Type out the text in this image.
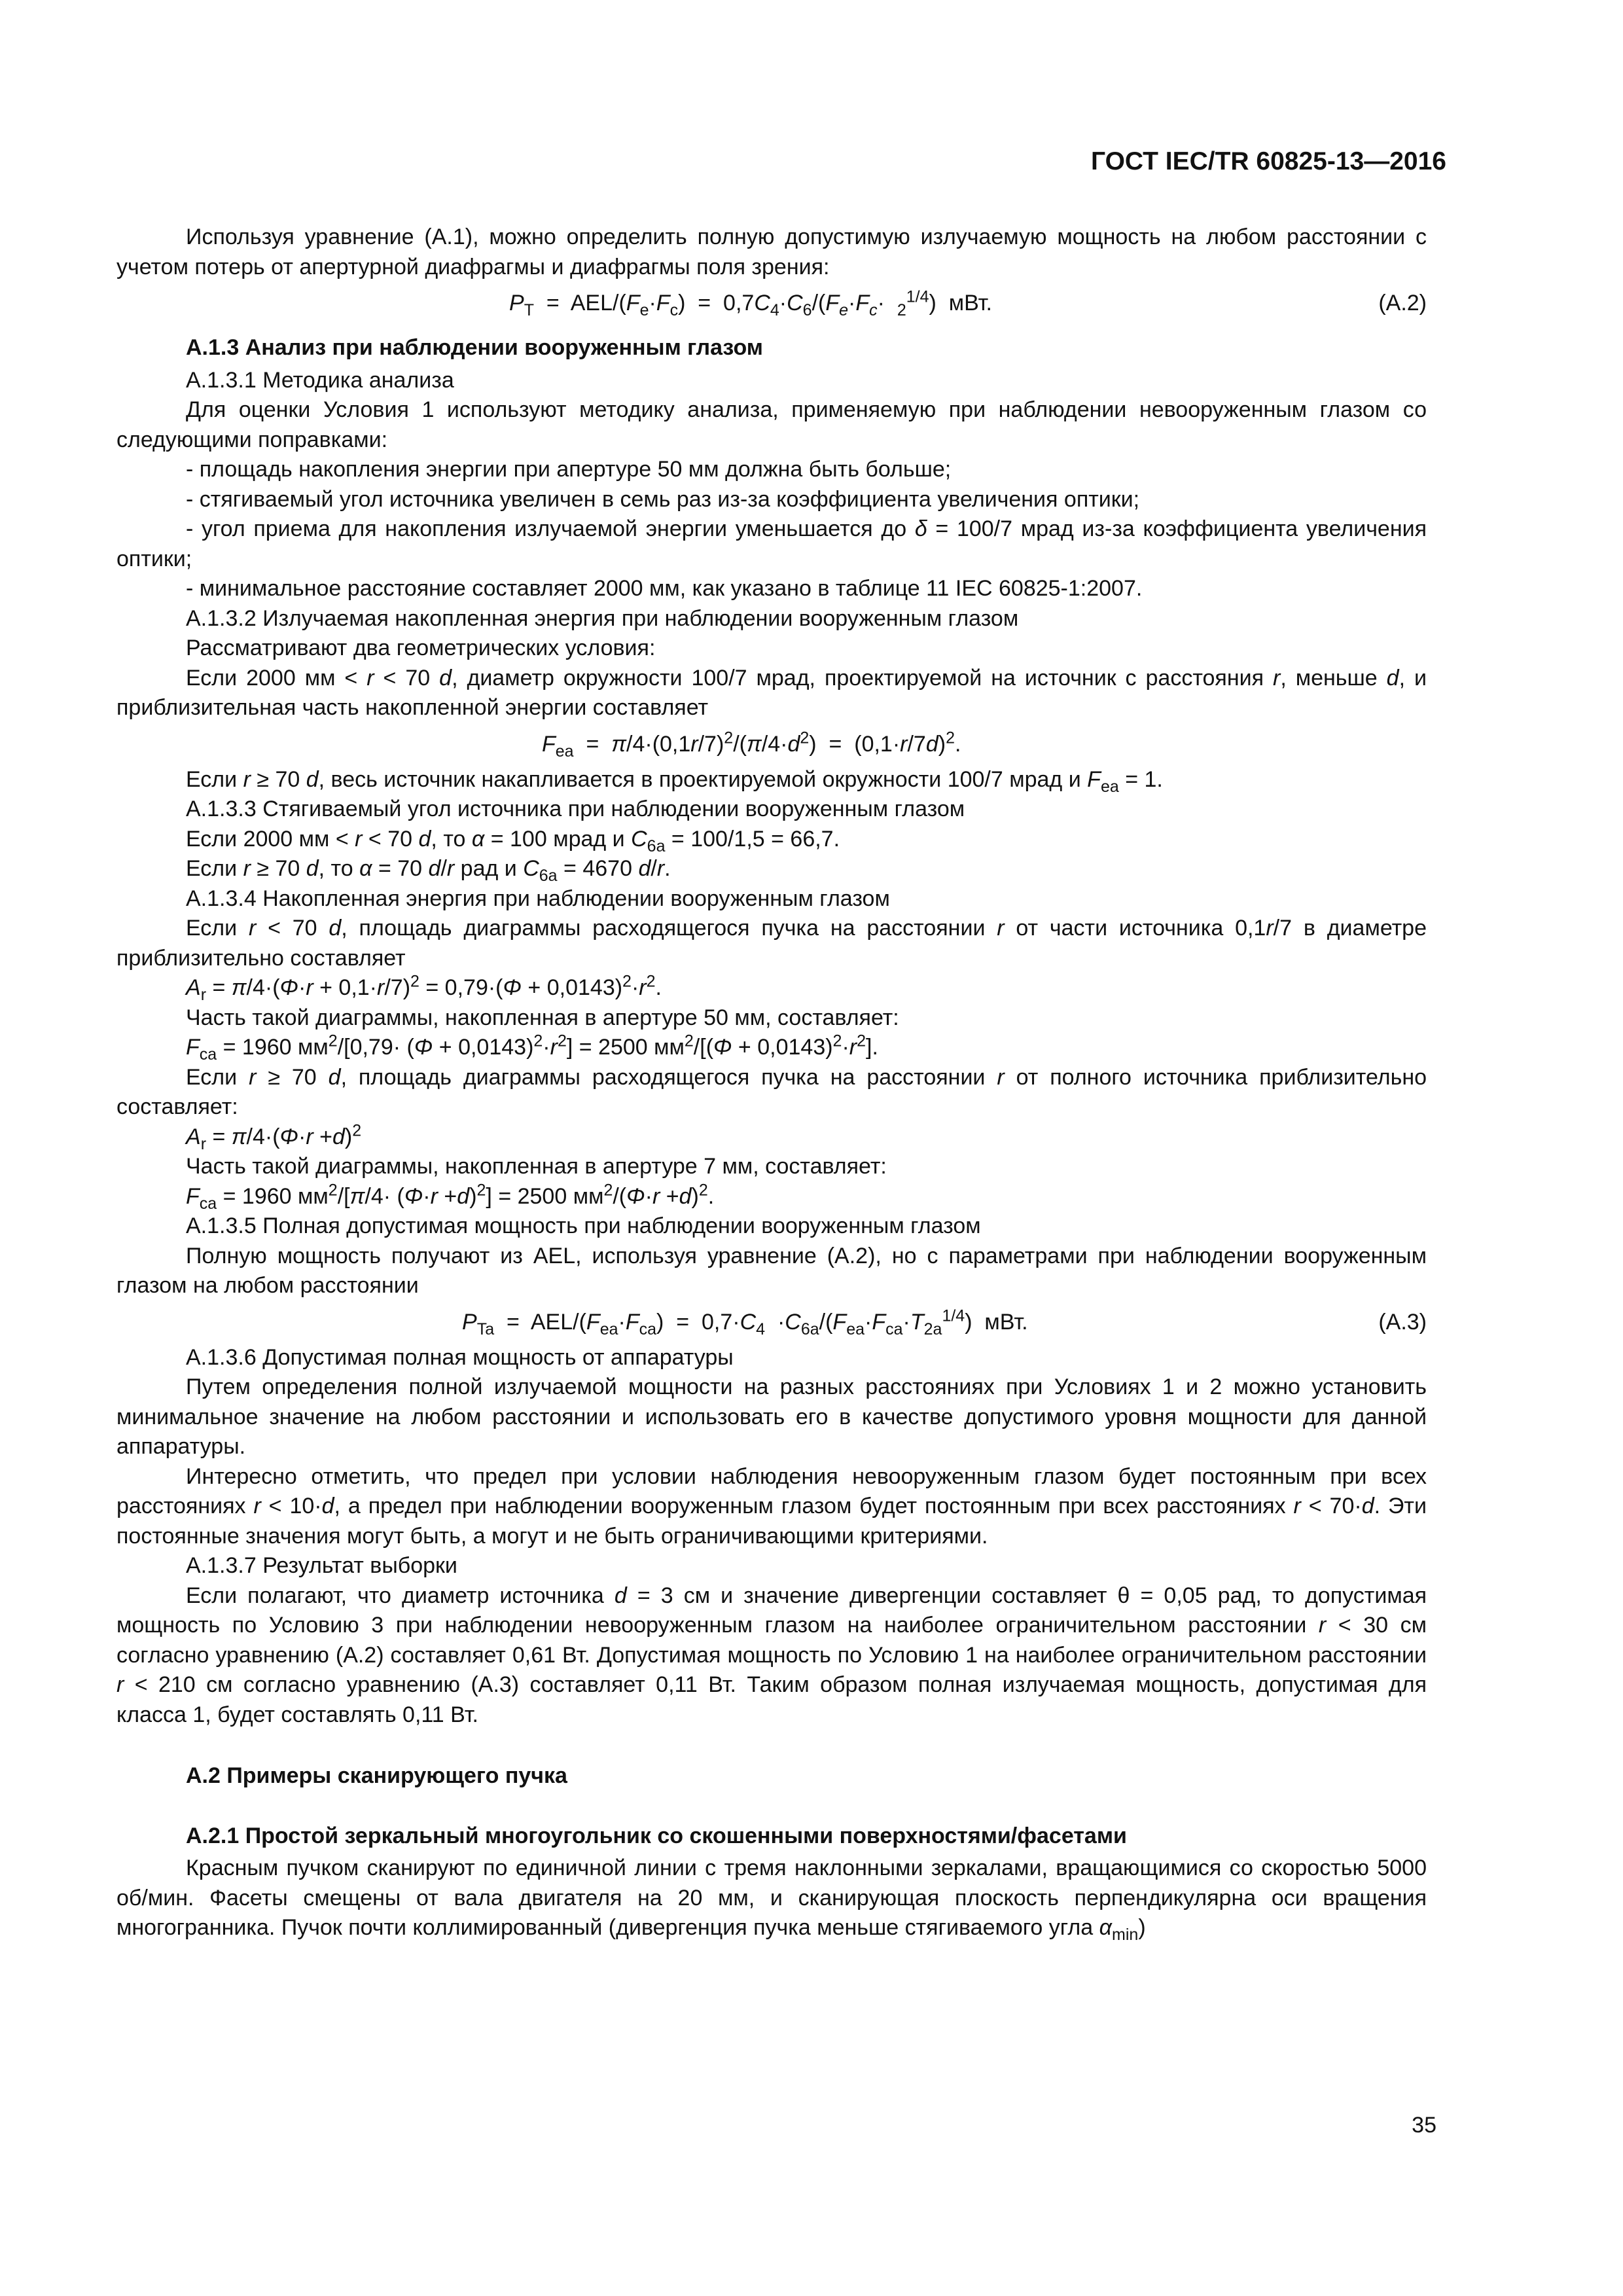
ГОСТ IEC/TR 60825-13—2016

Используя уравнение (А.1), можно определить полную допустимую излучаемую мощность на любом расстоянии с учетом потерь от апертурной диафрагмы и диафрагмы поля зрения:

$P_T = AEL/(F_e\cdot F_c) = 0,7C_4\cdot C_6/(F_e\cdot F_c\cdot _2^{1/4})$  мВт.	(А.2)

А.1.3 Анализ при наблюдении вооруженным глазом

А.1.3.1 Методика анализа

Для оценки Условия 1 используют методику анализа, применяемую при наблюдении невооруженным глазом со следующими поправками:

- площадь накопления энергии при апертуре 50 мм должна быть больше;

- стягиваемый угол источника увеличен в семь раз из-за коэффициента увеличения оптики;

- угол приема для накопления излучаемой энергии уменьшается до δ = 100/7 мрад из-за коэффициента увеличения оптики;

- минимальное расстояние составляет 2000 мм, как указано в таблице 11 IEC 60825-1:2007.

А.1.3.2 Излучаемая накопленная энергия при наблюдении вооруженным глазом

Рассматривают два геометрических условия:

Если 2000 мм < r < 70 d, диаметр окружности 100/7 мрад, проектируемой на источник с расстояния r, меньше d, и приблизительная часть накопленной энергии составляет

$F_{ea} = \pi/4\cdot(0,1r/7)^2/(\pi/4\cdot d^2) = (0,1\cdot r/7d)^2$.

Если r ≥ 70 d, весь источник накапливается в проектируемой окружности 100/7 мрад и $F_{ea} = 1$.

А.1.3.3 Стягиваемый угол источника при наблюдении вооруженным глазом

Если 2000 мм < r < 70 d, то α = 100 мрад и $C_{6a} = 100/1,5 = 66,7$.

Если r ≥ 70 d, то α = 70 d/r рад и $C_{6a} = 4670$ d/r.

А.1.3.4 Накопленная энергия при наблюдении вооруженным глазом

Если r < 70 d, площадь диаграммы расходящегося пучка на расстоянии r от части источника 0,1r/7 в диаметре приблизительно составляет

$A_r = \pi/4\cdot(\Phi\cdot r + 0,1\cdot r/7)^2 = 0,79\cdot(\Phi + 0,0143)^2\cdot r^2$.

Часть такой диаграммы, накопленная в апертуре 50 мм, составляет:

$F_{ca} = 1960$ $мм^2/[0,79\cdot (\Phi + 0,0143)^2\cdot r^2] = 2500$ $мм^2/[(\Phi + 0,0143)^2\cdot r^2]$.

Если r ≥ 70 d, площадь диаграммы расходящегося пучка на расстоянии r от полного источника приблизительно составляет:

$A_r = \pi/4\cdot(\Phi\cdot r +d)^2$

Часть такой диаграммы, накопленная в апертуре 7 мм, составляет:

$F_{ca} = 1960$ $мм^2/[\pi/4\cdot (\Phi\cdot r +d)^2] = 2500$ $мм^2/(\Phi\cdot r +d)^2$.

А.1.3.5 Полная допустимая мощность при наблюдении вооруженным глазом

Полную мощность получают из AEL, используя уравнение (А.2), но с параметрами при наблюдении вооруженным глазом на любом расстоянии

$P_{Ta} = AEL/(F_{ea}\cdot F_{ca}) = 0,7\cdot C_4 \cdot C_{6a}/(F_{ea}\cdot F_{ca}\cdot T_{2a}^{1/4})$  мВт.	(А.3)

А.1.3.6 Допустимая полная мощность от аппаратуры

Путем определения полной излучаемой мощности на разных расстояниях при Условиях 1 и 2 можно установить минимальное значение на любом расстоянии и использовать его в качестве допустимого уровня мощности для данной аппаратуры.

Интересно отметить, что предел при условии наблюдения невооруженным глазом будет постоянным при всех расстояниях r < 10·d, а предел при наблюдении вооруженным глазом будет постоянным при всех расстояниях r < 70·d. Эти постоянные значения могут быть, а могут и не быть ограничивающими критериями.

А.1.3.7 Результат выборки

Если полагают, что диаметр источника d = 3 см и значение дивергенции составляет θ = 0,05 рад, то допустимая мощность по Условию 3 при наблюдении невооруженным глазом на наиболее ограничительном расстоянии r < 30 см согласно уравнению (А.2) составляет 0,61 Вт. Допустимая мощность по Условию 1 на наиболее ограничительном расстоянии r < 210 см согласно уравнению (А.3) составляет 0,11 Вт. Таким образом полная излучаемая мощность, допустимая для класса 1, будет составлять 0,11 Вт.

А.2 Примеры сканирующего пучка

А.2.1 Простой зеркальный многоугольник со скошенными поверхностями/фасетами

Красным пучком сканируют по единичной линии с тремя наклонными зеркалами, вращающимися со скоростью 5000 об/мин. Фасеты смещены от вала двигателя на 20 мм, и сканирующая плоскость перпендикулярна оси вращения многогранника. Пучок почти коллимированный (дивергенция пучка меньше стягиваемого угла $\alpha_{min}$)

35
